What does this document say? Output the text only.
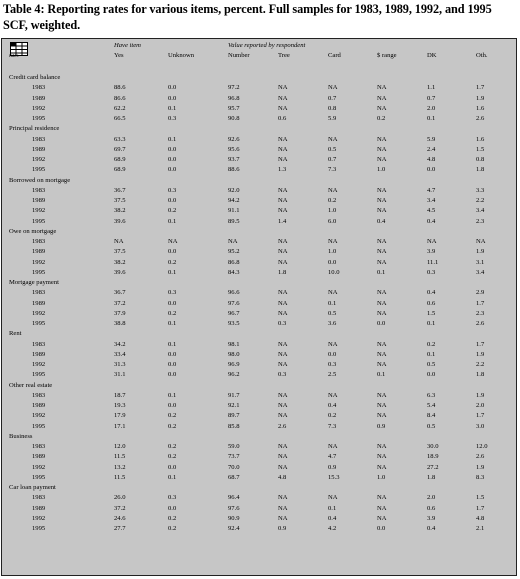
Table 4: Reporting rates for various items, percent. Full samples for 1983, 1989, 1992, and 1995 SCF, weighted.
rates
Have item	Value reported by respondent
Yes	Unknown	Number	Tree	Card	$ range	DK	Oth.
Credit card balance
1983	88.6	0.0	97.2	NA	NA	NA	1.1	1.7
1989	86.6	0.0	96.8	NA	0.7	NA	0.7	1.9
1992	62.2	0.1	95.7	NA	0.8	NA	2.0	1.6
1995	66.5	0.3	90.8	0.6	5.9	0.2	0.1	2.6
Principal residence
1983	63.3	0.1	92.6	NA	NA	NA	5.9	1.6
1989	69.7	0.0	95.6	NA	0.5	NA	2.4	1.5
1992	68.9	0.0	93.7	NA	0.7	NA	4.8	0.8
1995	68.9	0.0	88.6	1.3	7.3	1.0	0.0	1.8
Borrowed on mortgage
1983	36.7	0.3	92.0	NA	NA	NA	4.7	3.3
1989	37.5	0.0	94.2	NA	0.2	NA	3.4	2.2
1992	38.2	0.2	91.1	NA	1.0	NA	4.5	3.4
1995	39.6	0.1	89.5	1.4	6.0	0.4	0.4	2.3
Owe on mortgage
1983	NA	NA	NA	NA	NA	NA	NA	NA
1989	37.5	0.0	95.2	NA	1.0	NA	3.9	1.9
1992	38.2	0.2	86.8	NA	0.0	NA	11.1	3.1
1995	39.6	0.1	84.3	1.8	10.0	0.1	0.3	3.4
Mortgage payment
1983	36.7	0.3	96.6	NA	NA	NA	0.4	2.9
1989	37.2	0.0	97.6	NA	0.1	NA	0.6	1.7
1992	37.9	0.2	96.7	NA	0.5	NA	1.5	2.3
1995	38.8	0.1	93.5	0.3	3.6	0.0	0.1	2.6
Rent
1983	34.2	0.1	98.1	NA	NA	NA	0.2	1.7
1989	33.4	0.0	98.0	NA	0.0	NA	0.1	1.9
1992	31.3	0.0	96.9	NA	0.3	NA	0.5	2.2
1995	31.1	0.0	96.2	0.3	2.5	0.1	0.0	1.8
Other real estate
1983	18.7	0.1	91.7	NA	NA	NA	6.3	1.9
1989	19.3	0.0	92.1	NA	0.4	NA	5.4	2.0
1992	17.9	0.2	89.7	NA	0.2	NA	8.4	1.7
1995	17.1	0.2	85.8	2.6	7.3	0.9	0.5	3.0
Business
1983	12.0	0.2	59.0	NA	NA	NA	30.0	12.0
1989	11.5	0.2	73.7	NA	4.7	NA	18.9	2.6
1992	13.2	0.0	70.0	NA	0.9	NA	27.2	1.9
1995	11.5	0.1	68.7	4.8	15.3	1.0	1.8	8.3
Car loan payment
1983	26.0	0.3	96.4	NA	NA	NA	2.0	1.5
1989	37.2	0.0	97.6	NA	0.1	NA	0.6	1.7
1992	24.6	0.2	90.9	NA	0.4	NA	3.9	4.8
1995	27.7	0.2	92.4	0.9	4.2	0.0	0.4	2.1
